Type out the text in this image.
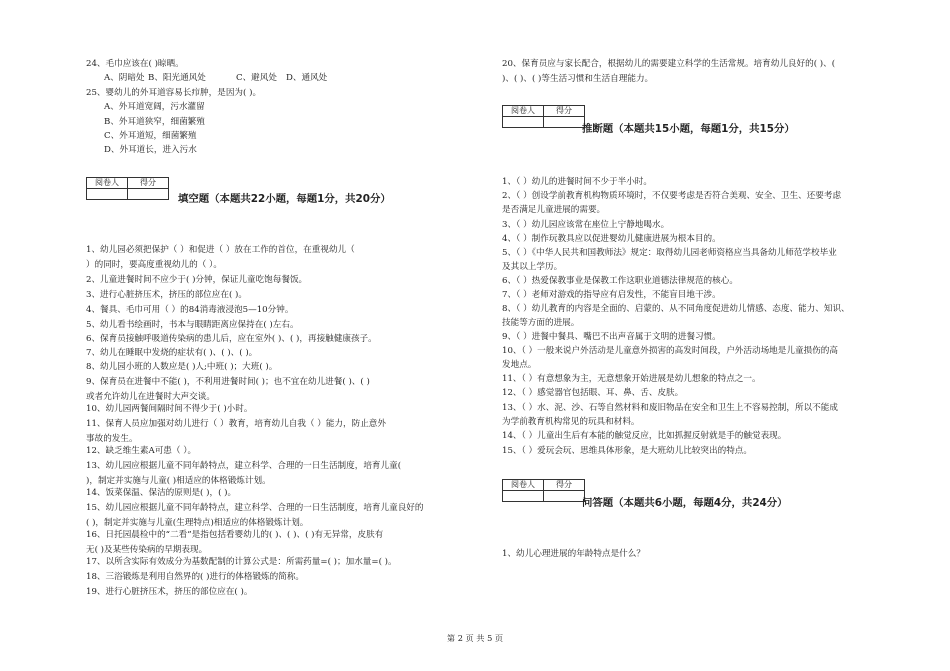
24、毛巾应该在( )晾晒。
A、阴暗处 B、阳光通风处	C、避风处 D、通风处
25、婴幼儿的外耳道容易长疖肿，是因为( )。
A、外耳道宽阔，污水灌留
B、外耳道狭窄，细菌繁殖
C、外耳道短，细菌繁殖
D、外耳道长，进入污水
阅卷人	得分

填空题（本题共22小题，每题1分，共20分）
1、幼儿园必须把保护（ ）和促进（ ）放在工作的首位，在重视幼儿（
）的同时，要高度重视幼儿的（ ）。
2、儿童进餐时间不应少于( )分钟，保证儿童吃饱每餐饭。
3、进行心脏挤压术，挤压的部位应在( )。
4、餐具、毛巾可用（ ）的84消毒液浸泡5—10分钟。
5、幼儿看书绘画时，书本与眼睛距离应保持在( )左右。
6、保育员接触呼吸道传染病的患儿后，应在室外( )、( )，再接触健康孩子。
7、幼儿在睡眠中发烧的症状有( )、( )、( )。
8、幼儿园小班的人数应是( )人;中班( )；大班( )。
9、保育员在进餐中不能( )，不利用进餐时间( )；也不宜在幼儿进餐( )、( )
或者允许幼儿在进餐时大声交谈。
10、幼儿园两餐间隔时间不得少于( )小时。
11、保育人员应加强对幼儿进行（ ）教育，培育幼儿自我（ ）能力，防止意外
事故的发生。
12、缺乏维生素A可患（ ）。
13、幼儿园应根据儿童不同年龄特点，建立科学、合理的一日生活制度，培育儿童(
)，制定并实施与儿童( )相适应的体格锻炼计划。
14、饭菜保温、保洁的原则是( )，( )。
15、幼儿园应根据儿童不同年龄特点，建立科学、合理的一日生活制度，培育儿童良好的
( )，制定并实施与儿童(生理特点)相适应的体格锻炼计划。
16、日托园晨检中的“二看”是指包括看婴幼儿的( )、( )、( )有无异常，皮肤有
无( )及某些传染病的早期表现。
17、以所含实际有效成分为基数配制的计算公式是：所需药量=( )；加水量=( )。
18、三浴锻炼是利用自然界的( )进行的体格锻炼的简称。
19、进行心脏挤压术，挤压的部位应在( )。
20、保育员应与家长配合，根据幼儿的需要建立科学的生活常规。培育幼儿良好的( )、(
)、( )、( )等生活习惯和生活自理能力。
阅卷人	得分

推断题（本题共15小题，每题1分，共15分）
1、（ ）幼儿的进餐时间不少于半小时。
2、（ ）创设学前教育机构物质环境时，不仅要考虑是否符合美观、安全、卫生、还要考虑
是否满足儿童进展的需要。
3、（ ）幼儿园应该常在座位上宁静地喝水。
4、（ ）制作玩教具应以促进婴幼儿健康进展为根本目的。
5、（ ）《中华人民共和国教师法》规定：取得幼儿园老师资格应当具备幼儿师范学校毕业
及其以上学历。
6、（ ）热爱保教事业是保教工作这职业道德法律规范的核心。
7、（ ）老师对游戏的指导应有启发性，不能盲目地干涉。
8、（ ）幼儿教育的内容是全面的、启蒙的、从不同角度促进幼儿情感、态度、能力、知识、
技能等方面的进展。
9、（ ）进餐中餐具、嘴巴不出声音属于文明的进餐习惯。
10、（ ）一般来说户外活动是儿童意外损害的高发时间段，户外活动场地是儿童损伤的高
发地点。
11、（ ）有意想象为主，无意想象开始进展是幼儿想象的特点之一。
12、（ ）感觉器官包括眼、耳、鼻、舌、皮肤。
13、（ ）水、泥、沙、石等自然材料和废旧物品在安全和卫生上不容易控制，所以不能成
为学前教育机构常见的玩具和材料。
14、（ ）儿童出生后有本能的触觉反应，比如抓握反射就是手的触觉表现。
15、（ ）爱玩会玩、思维具体形象，是大班幼儿比较突出的特点。
阅卷人	得分

问答题（本题共6小题，每题4分，共24分）
1、幼儿心理进展的年龄特点是什么？
第 2 页 共 5 页
